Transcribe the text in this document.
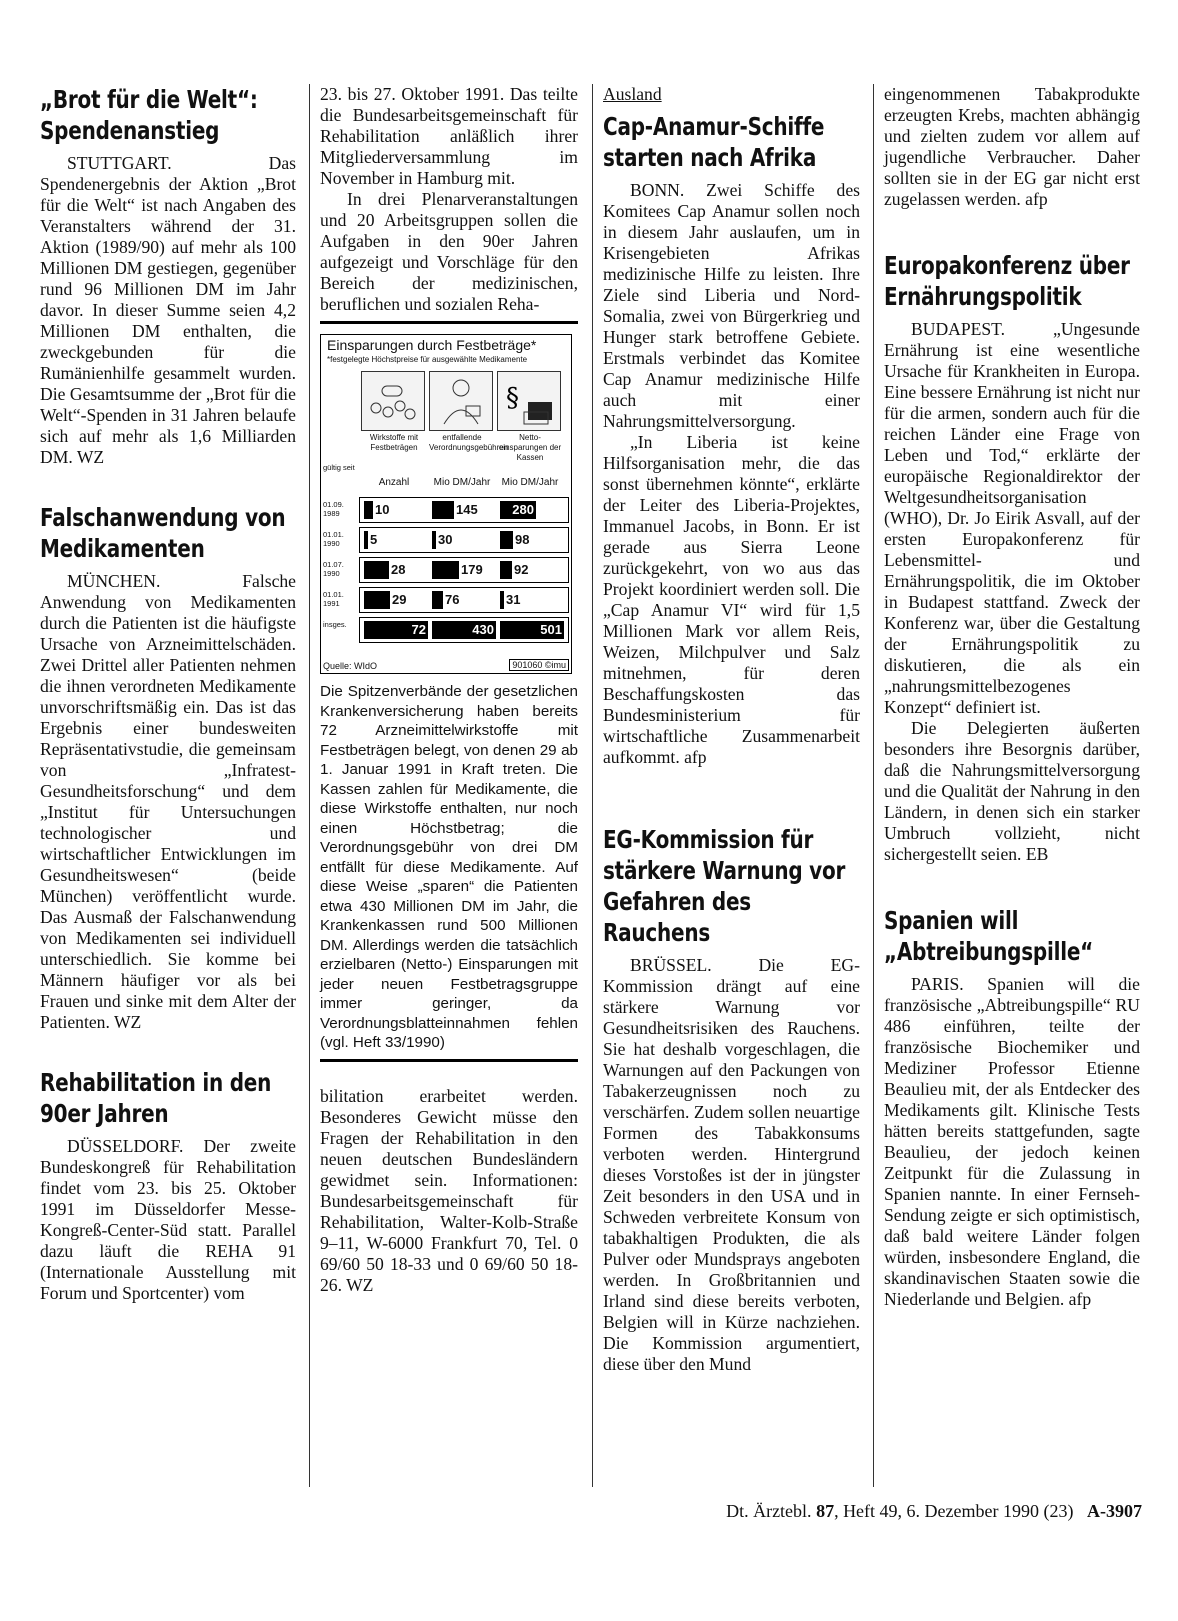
„Brot für die Welt“: Spendenanstieg

STUTTGART. Das Spendenergebnis der Aktion „Brot für die Welt“ ist nach Angaben des Veranstalters während der 31. Aktion (1989/90) auf mehr als 100 Millionen DM gestiegen, gegenüber rund 96 Millionen DM im Jahr davor. In dieser Summe seien 4,2 Millionen DM enthalten, die zweckgebunden für die Rumänienhilfe gesammelt wurden. Die Gesamtsumme der „Brot für die Welt“-Spenden in 31 Jahren belaufe sich auf mehr als 1,6 Milliarden DM. WZ

Falschanwendung von Medikamenten

MÜNCHEN. Falsche Anwendung von Medikamenten durch die Patienten ist die häufigste Ursache von Arzneimittelschäden. Zwei Drittel aller Patienten nehmen die ihnen verordneten Medikamente unvorschriftsmäßig ein. Das ist das Ergebnis einer bundesweiten Repräsentativstudie, die gemeinsam von „Infratest-Gesundheitsforschung“ und dem „Institut für Untersuchungen technologischer und wirtschaftlicher Entwicklungen im Gesundheitswesen“ (beide München) veröffentlicht wurde. Das Ausmaß der Falschanwendung von Medikamenten sei individuell unterschiedlich. Sie komme bei Männern häufiger vor als bei Frauen und sinke mit dem Alter der Patienten. WZ

Rehabilitation in den 90er Jahren

DÜSSELDORF. Der zweite Bundeskongreß für Rehabilitation findet vom 23. bis 25. Oktober 1991 im Düsseldorfer Messe-Kongreß-Center-Süd statt. Parallel dazu läuft die REHA 91 (Internationale Ausstellung mit Forum und Sportcenter) vom

23. bis 27. Oktober 1991. Das teilte die Bundesarbeitsgemeinschaft für Rehabilitation anläßlich ihrer Mitgliederversammlung im November in Hamburg mit.

In drei Plenarveranstaltungen und 20 Arbeitsgruppen sollen die Aufgaben in den 90er Jahren aufgezeigt und Vorschläge für den Bereich der medizinischen, beruflichen und sozialen Reha-

Einsparungen durch Festbeträge*
*festgelegte Höchstpreise für ausgewählte Medikamente
§
gültig seit
Wirkstoffe mit Festbeträgen
entfallende Verordnungsgebühren
Netto-einsparungen der Kassen
Anzahl	Mio DM/Jahr	Mio DM/Jahr
Quelle: WIdO	901060 ©imu
01.09. 1989	10	145	280
01.01. 1990	5	30	98
01.07. 1990	28	179 92
01.01. 1991	29	76	31
insges.	72	430	501

Die Spitzenverbände der gesetzlichen Krankenversicherung haben bereits 72 Arzneimittelwirkstoffe mit Festbeträgen belegt, von denen 29 ab 1. Januar 1991 in Kraft treten. Die Kassen zahlen für Medikamente, die diese Wirkstoffe enthalten, nur noch einen Höchstbetrag; die Verordnungsgebühr von drei DM entfällt für diese Medikamente. Auf diese Weise „sparen“ die Patienten etwa 430 Millionen DM im Jahr, die Krankenkassen rund 500 Millionen DM. Allerdings werden die tatsächlich erzielbaren (Netto-) Einsparungen mit jeder neuen Festbetragsgruppe immer geringer, da Verordnungsblatteinnahmen fehlen (vgl. Heft 33/1990)

bilitation erarbeitet werden. Besonderes Gewicht müsse den Fragen der Rehabilitation in den neuen deutschen Bundesländern gewidmet sein. Informationen: Bundesarbeitsgemeinschaft für Rehabilitation, Walter-Kolb-Straße 9–11, W-6000 Frankfurt 70, Tel. 0 69/60 50 18-33 und 0 69/60 50 18-26. WZ

Ausland
Cap-Anamur-Schiffe starten nach Afrika

BONN. Zwei Schiffe des Komitees Cap Anamur sollen noch in diesem Jahr auslaufen, um in Krisengebieten Afrikas medizinische Hilfe zu leisten. Ihre Ziele sind Liberia und Nord-Somalia, zwei von Bürgerkrieg und Hunger stark betroffene Gebiete. Erstmals verbindet das Komitee Cap Anamur medizinische Hilfe auch mit einer Nahrungsmittelversorgung.

„In Liberia ist keine Hilfsorganisation mehr, die das sonst übernehmen könnte“, erklärte der Leiter des Liberia-Projektes, Immanuel Jacobs, in Bonn. Er ist gerade aus Sierra Leone zurückgekehrt, von wo aus das Projekt koordiniert werden soll. Die „Cap Anamur VI“ wird für 1,5 Millionen Mark vor allem Reis, Weizen, Milchpulver und Salz mitnehmen, für deren Beschaffungskosten das Bundesministerium für wirtschaftliche Zusammenarbeit aufkommt. afp

EG-Kommission für stärkere Warnung vor Gefahren des Rauchens

BRÜSSEL. Die EG-Kommission drängt auf eine stärkere Warnung vor Gesundheitsrisiken des Rauchens. Sie hat deshalb vorgeschlagen, die Warnungen auf den Packungen von Tabakerzeugnissen noch zu verschärfen. Zudem sollen neuartige Formen des Tabakkonsums verboten werden. Hintergrund dieses Vorstoßes ist der in jüngster Zeit besonders in den USA und in Schweden verbreitete Konsum von tabakhaltigen Produkten, die als Pulver oder Mundsprays angeboten werden. In Großbritannien und Irland sind diese bereits verboten, Belgien will in Kürze nachziehen. Die Kommission argumentiert, diese über den Mund

eingenommenen Tabakprodukte erzeugten Krebs, machten abhängig und zielten zudem vor allem auf jugendliche Verbraucher. Daher sollten sie in der EG gar nicht erst zugelassen werden. afp

Europakonferenz über Ernährungspolitik

BUDAPEST. „Ungesunde Ernährung ist eine wesentliche Ursache für Krankheiten in Europa. Eine bessere Ernährung ist nicht nur für die armen, sondern auch für die reichen Länder eine Frage von Leben und Tod,“ erklärte der europäische Regionaldirektor der Weltgesundheitsorganisation (WHO), Dr. Jo Eirik Asvall, auf der ersten Europakonferenz für Lebensmittel- und Ernährungspolitik, die im Oktober in Budapest stattfand. Zweck der Konferenz war, über die Gestaltung der Ernährungspolitik zu diskutieren, die als ein „nahrungsmittelbezogenes Konzept“ definiert ist.

Die Delegierten äußerten besonders ihre Besorgnis darüber, daß die Nahrungsmittelversorgung und die Qualität der Nahrung in den Ländern, in denen sich ein starker Umbruch vollzieht, nicht sichergestellt seien. EB

Spanien will „Abtreibungspille“

PARIS. Spanien will die französische „Abtreibungspille“ RU 486 einführen, teilte der französische Biochemiker und Mediziner Professor Etienne Beaulieu mit, der als Entdecker des Medikaments gilt. Klinische Tests hätten bereits stattgefunden, sagte Beaulieu, der jedoch keinen Zeitpunkt für die Zulassung in Spanien nannte. In einer Fernseh-Sendung zeigte er sich optimistisch, daß bald weitere Länder folgen würden, insbesondere England, die skandinavischen Staaten sowie die Niederlande und Belgien. afp

Dt. Ärztebl. 87, Heft 49, 6. Dezember 1990 (23) A-3907
